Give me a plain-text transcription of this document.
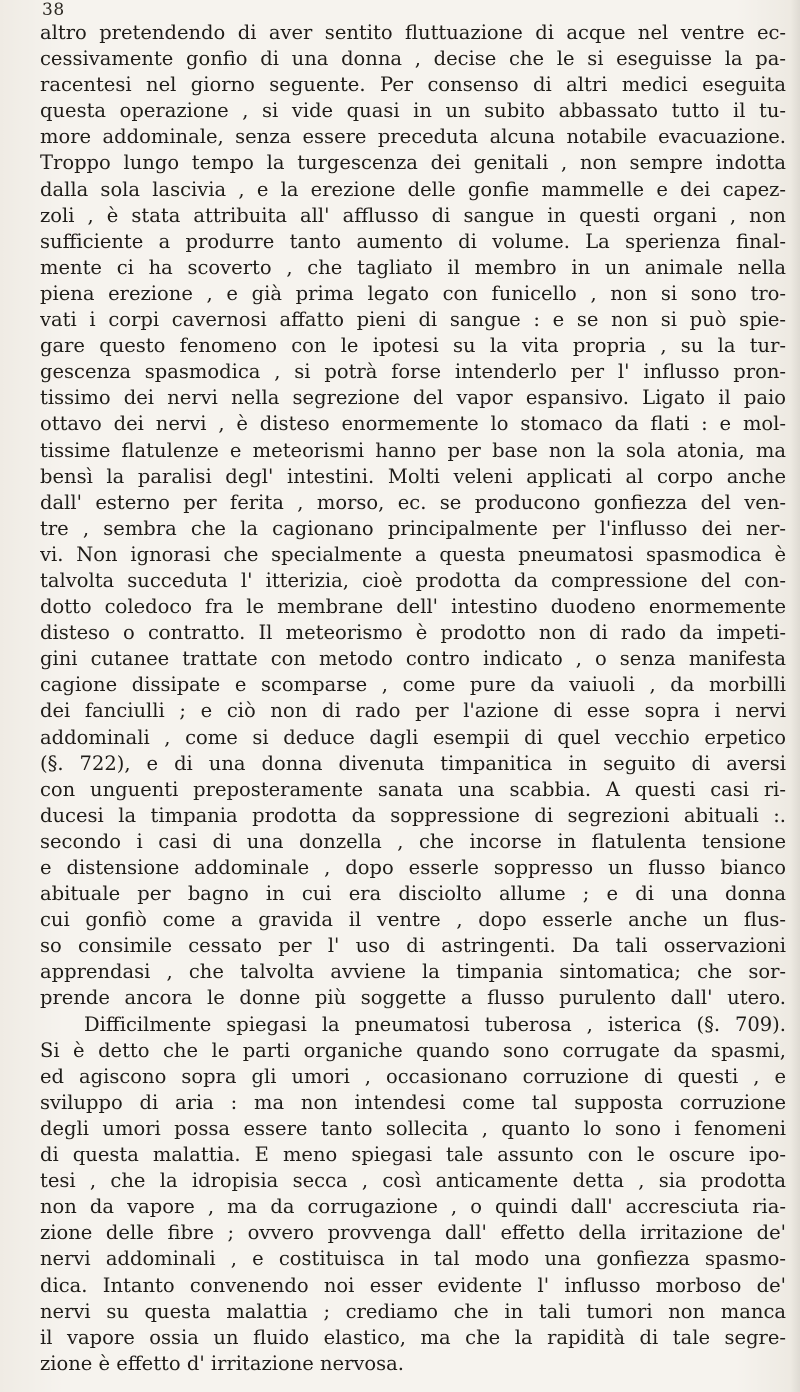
38
altro pretendendo di aver sentito fluttuazione di acque nel ventre ec-
cessivamente gonfio di una donna , decise che le si eseguisse la pa-
racentesi nel giorno seguente. Per consenso di altri medici eseguita
questa operazione , si vide quasi in un subito abbassato tutto il tu-
more addominale, senza essere preceduta alcuna notabile evacuazione.
Troppo lungo tempo la turgescenza dei genitali , non sempre indotta
dalla sola lascivia , e la erezione delle gonfie mammelle e dei capez-
zoli , è stata attribuita all' afflusso di sangue in questi organi , non
sufficiente a produrre tanto aumento di volume. La sperienza final-
mente ci ha scoverto , che tagliato il membro in un animale nella
piena erezione , e già prima legato con funicello , non si sono tro-
vati i corpi cavernosi affatto pieni di sangue : e se non si può spie-
gare questo fenomeno con le ipotesi su la vita propria , su la tur-
gescenza spasmodica , si potrà forse intenderlo per l' influsso pron-
tissimo dei nervi nella segrezione del vapor espansivo. Ligato il paio
ottavo dei nervi , è disteso enormemente lo stomaco da flati : e mol-
tissime flatulenze e meteorismi hanno per base non la sola atonia, ma
bensì la paralisi degl' intestini. Molti veleni applicati al corpo anche
dall' esterno per ferita , morso, ec. se producono gonfiezza del ven-
tre , sembra che la cagionano principalmente per l'influsso dei ner-
vi. Non ignorasi che specialmente a questa pneumatosi spasmodica è
talvolta succeduta l' itterizia, cioè prodotta da compressione del con-
dotto coledoco fra le membrane dell' intestino duodeno enormemente
disteso o contratto. Il meteorismo è prodotto non di rado da impeti-
gini cutanee trattate con metodo contro indicato , o senza manifesta
cagione dissipate e scomparse , come pure da vaiuoli , da morbilli
dei fanciulli ; e ciò non di rado per l'azione di esse sopra i nervi
addominali , come si deduce dagli esempii di quel vecchio erpetico
(§. 722), e di una donna divenuta timpanitica in seguito di aversi
con unguenti preposteramente sanata una scabbia. A questi casi ri-
ducesi la timpania prodotta da soppressione di segrezioni abituali :.
secondo i casi di una donzella , che incorse in flatulenta tensione
e distensione addominale , dopo esserle soppresso un flusso bianco
abituale per bagno in cui era disciolto allume ; e di una donna
cui gonfiò come a gravida il ventre , dopo esserle anche un flus-
so consimile cessato per l' uso di astringenti. Da tali osservazioni
apprendasi , che talvolta avviene la timpania sintomatica; che sor-
prende ancora le donne più soggette a flusso purulento dall' utero.
Difficilmente spiegasi la pneumatosi tuberosa , isterica (§. 709).
Si è detto che le parti organiche quando sono corrugate da spasmi,
ed agiscono sopra gli umori , occasionano corruzione di questi , e
sviluppo di aria : ma non intendesi come tal supposta corruzione
degli umori possa essere tanto sollecita , quanto lo sono i fenomeni
di questa malattia. E meno spiegasi tale assunto con le oscure ipo-
tesi , che la idropisia secca , così anticamente detta , sia prodotta
non da vapore , ma da corrugazione , o quindi dall' accresciuta ria-
zione delle fibre ; ovvero provvenga dall' effetto della irritazione de'
nervi addominali , e costituisca in tal modo una gonfiezza spasmo-
dica. Intanto convenendo noi esser evidente l' influsso morboso de'
nervi su questa malattia ; crediamo che in tali tumori non manca
il vapore ossia un fluido elastico, ma che la rapidità di tale segre-
zione è effetto d' irritazione nervosa.
